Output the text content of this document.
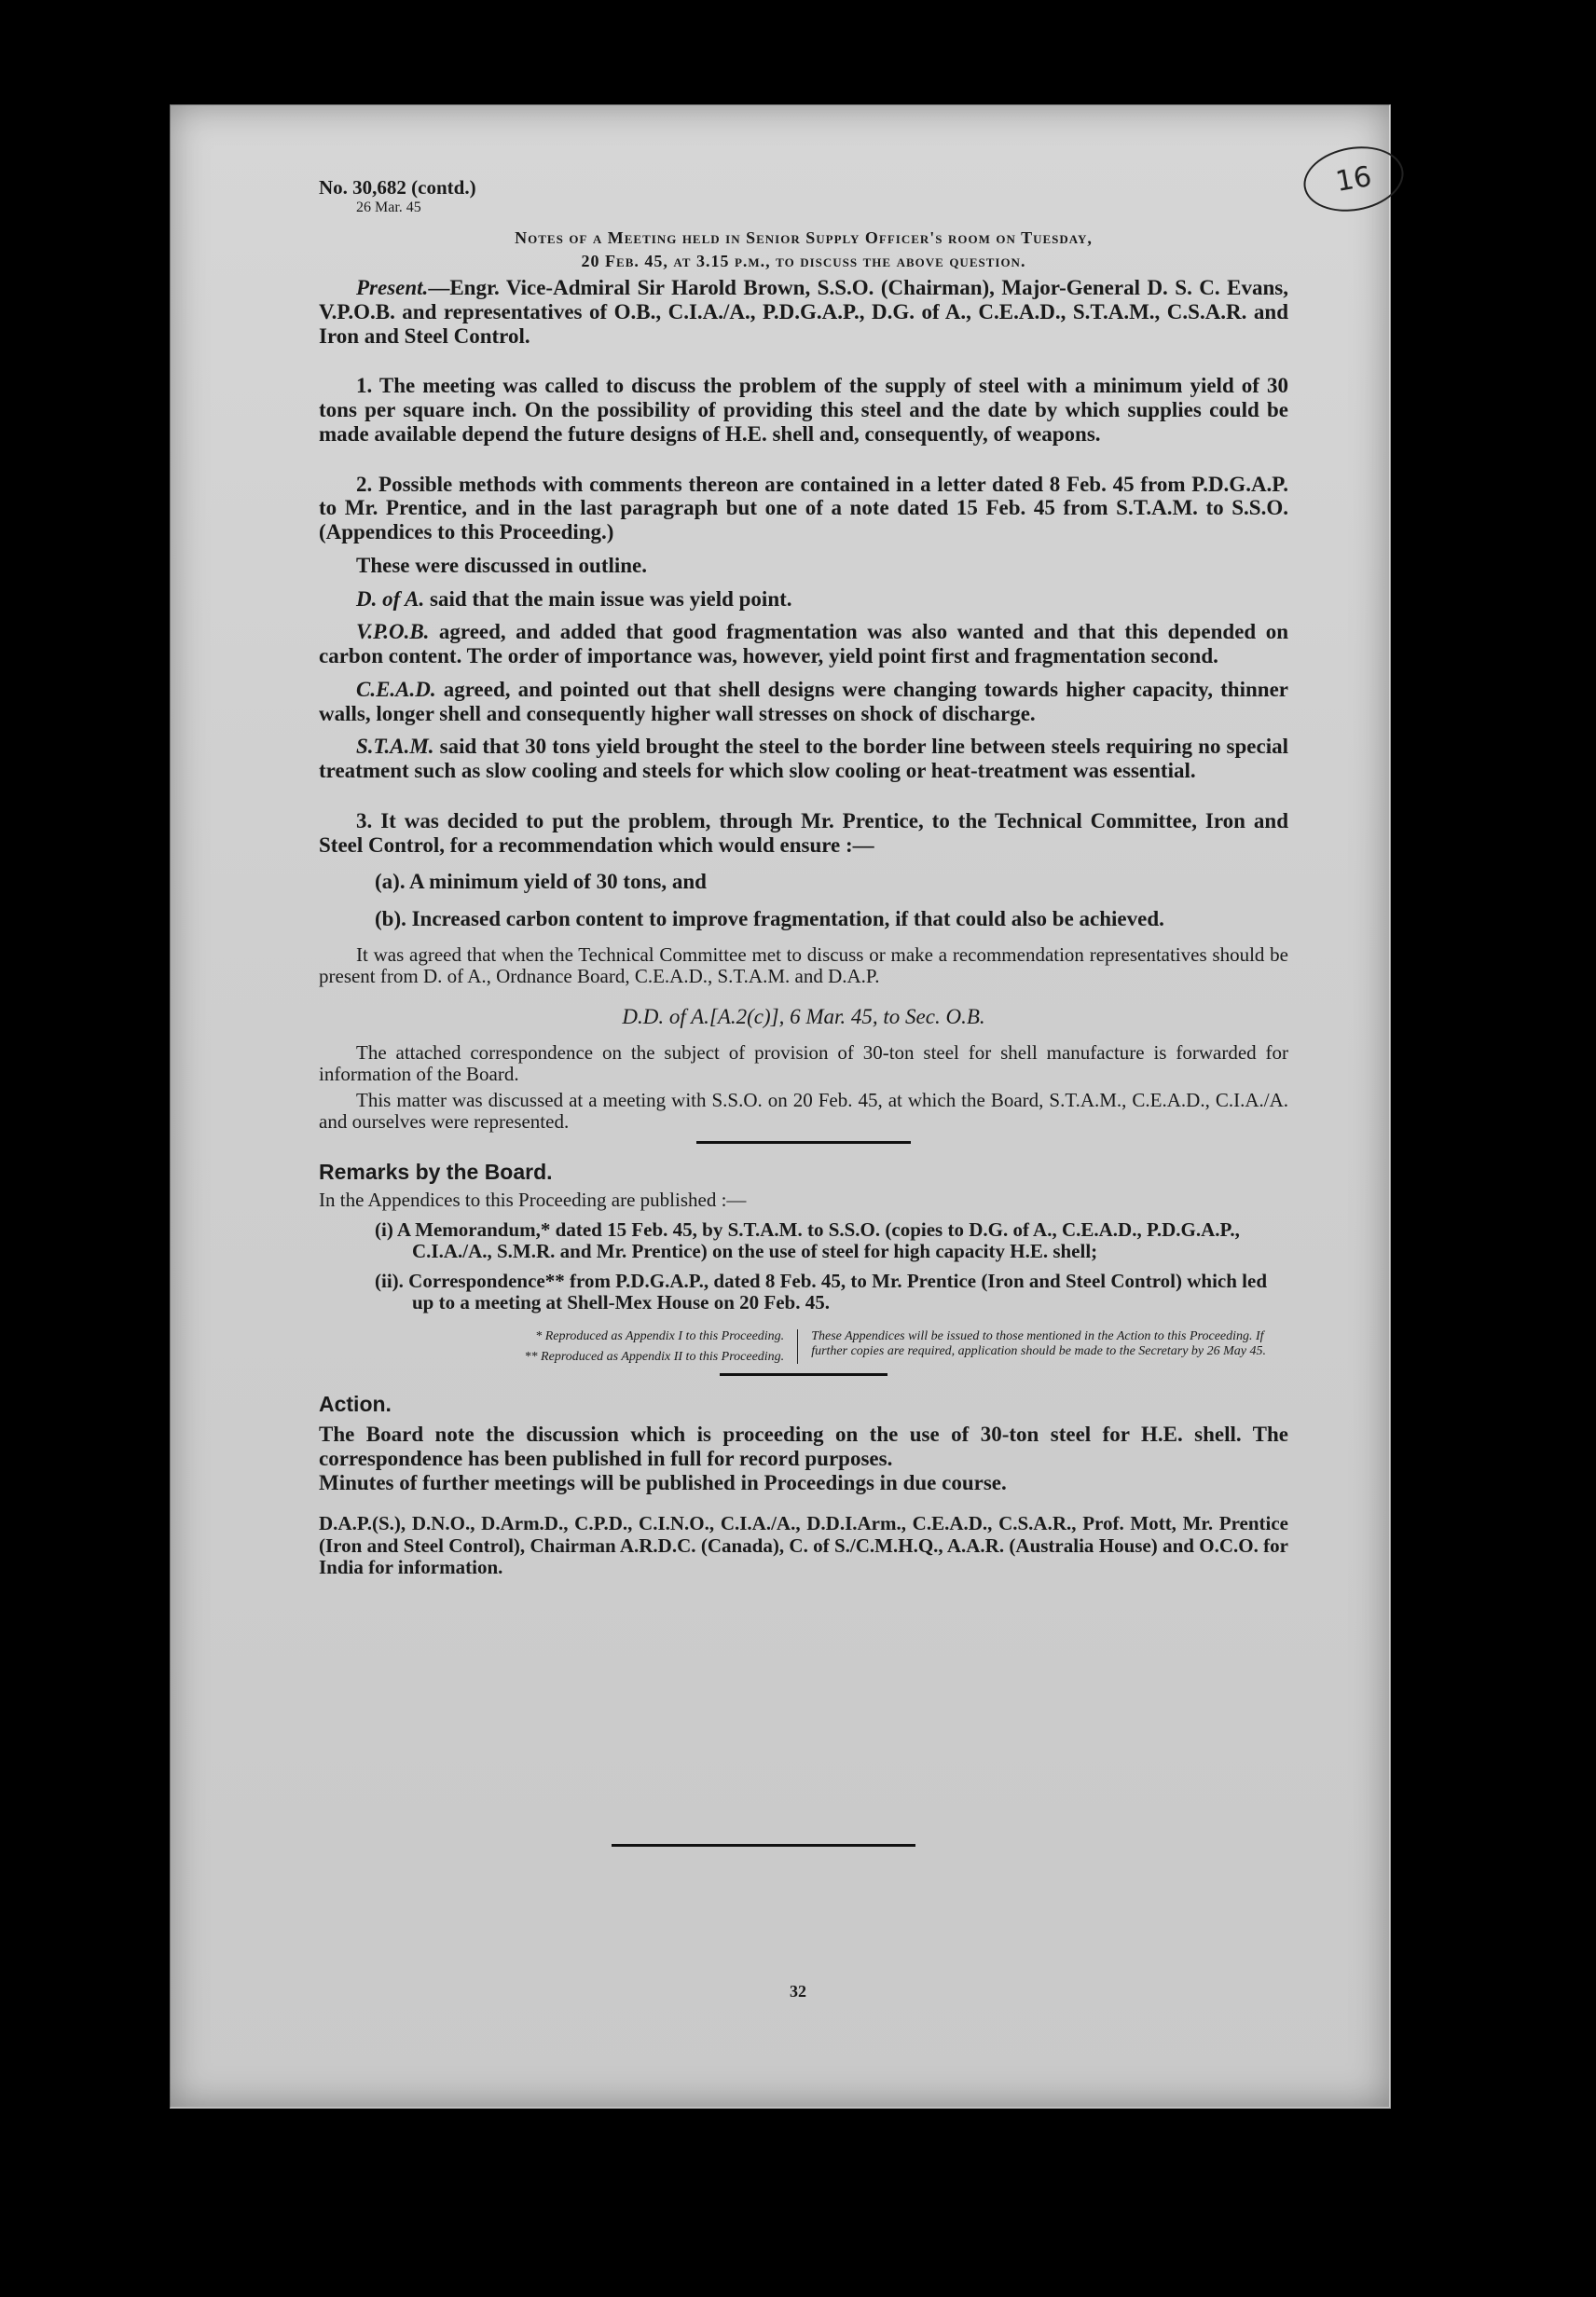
16

No. 30,682 (contd.)

26 Mar. 45

Notes of a Meeting held in Senior Supply Officer's room on Tuesday,
20 Feb. 45, at 3.15 p.m., to discuss the above question.

Present.—Engr. Vice-Admiral Sir Harold Brown, S.S.O. (Chairman), Major-General D. S. C. Evans, V.P.O.B. and representatives of O.B., C.I.A./A., P.D.G.A.P., D.G. of A., C.E.A.D., S.T.A.M., C.S.A.R. and Iron and Steel Control.

1. The meeting was called to discuss the problem of the supply of steel with a minimum yield of 30 tons per square inch. On the possibility of providing this steel and the date by which supplies could be made available depend the future designs of H.E. shell and, consequently, of weapons.

2. Possible methods with comments thereon are contained in a letter dated 8 Feb. 45 from P.D.G.A.P. to Mr. Prentice, and in the last paragraph but one of a note dated 15 Feb. 45 from S.T.A.M. to S.S.O. (Appendices to this Proceeding.)

These were discussed in outline.

D. of A. said that the main issue was yield point.

V.P.O.B. agreed, and added that good fragmentation was also wanted and that this depended on carbon content. The order of importance was, however, yield point first and fragmentation second.

C.E.A.D. agreed, and pointed out that shell designs were changing towards higher capacity, thinner walls, longer shell and consequently higher wall stresses on shock of discharge.

S.T.A.M. said that 30 tons yield brought the steel to the border line between steels requiring no special treatment such as slow cooling and steels for which slow cooling or heat-treatment was essential.

3. It was decided to put the problem, through Mr. Prentice, to the Technical Committee, Iron and Steel Control, for a recommendation which would ensure :—

(a). A minimum yield of 30 tons, and

(b). Increased carbon content to improve fragmentation, if that could also be achieved.

It was agreed that when the Technical Committee met to discuss or make a recommendation representatives should be present from D. of A., Ordnance Board, C.E.A.D., S.T.A.M. and D.A.P.

D.D. of A.[A.2(c)], 6 Mar. 45, to Sec. O.B.

The attached correspondence on the subject of provision of 30-ton steel for shell manufacture is forwarded for information of the Board.

This matter was discussed at a meeting with S.S.O. on 20 Feb. 45, at which the Board, S.T.A.M., C.E.A.D., C.I.A./A. and ourselves were represented.

Remarks by the Board.

In the Appendices to this Proceeding are published :—

(i) A Memorandum,* dated 15 Feb. 45, by S.T.A.M. to S.S.O. (copies to D.G. of A., C.E.A.D., P.D.G.A.P., C.I.A./A., S.M.R. and Mr. Prentice) on the use of steel for high capacity H.E. shell;

(ii). Correspondence** from P.D.G.A.P., dated 8 Feb. 45, to Mr. Prentice (Iron and Steel Control) which led up to a meeting at Shell-Mex House on 20 Feb. 45.

* Reproduced as Appendix I to this Proceeding.
** Reproduced as Appendix II to this Proceeding.
These Appendices will be issued to those mentioned in the Action to this Proceeding. If further copies are required, application should be made to the Secretary by 26 May 45.
Action.

The Board note the discussion which is proceeding on the use of 30-ton steel for H.E. shell. The correspondence has been published in full for record purposes.

Minutes of further meetings will be published in Proceedings in due course.

D.A.P.(S.), D.N.O., D.Arm.D., C.P.D., C.I.N.O., C.I.A./A., D.D.I.Arm., C.E.A.D., C.S.A.R., Prof. Mott, Mr. Prentice (Iron and Steel Control), Chairman A.R.D.C. (Canada), C. of S./C.M.H.Q., A.A.R. (Australia House) and O.C.O. for India for information.

32
